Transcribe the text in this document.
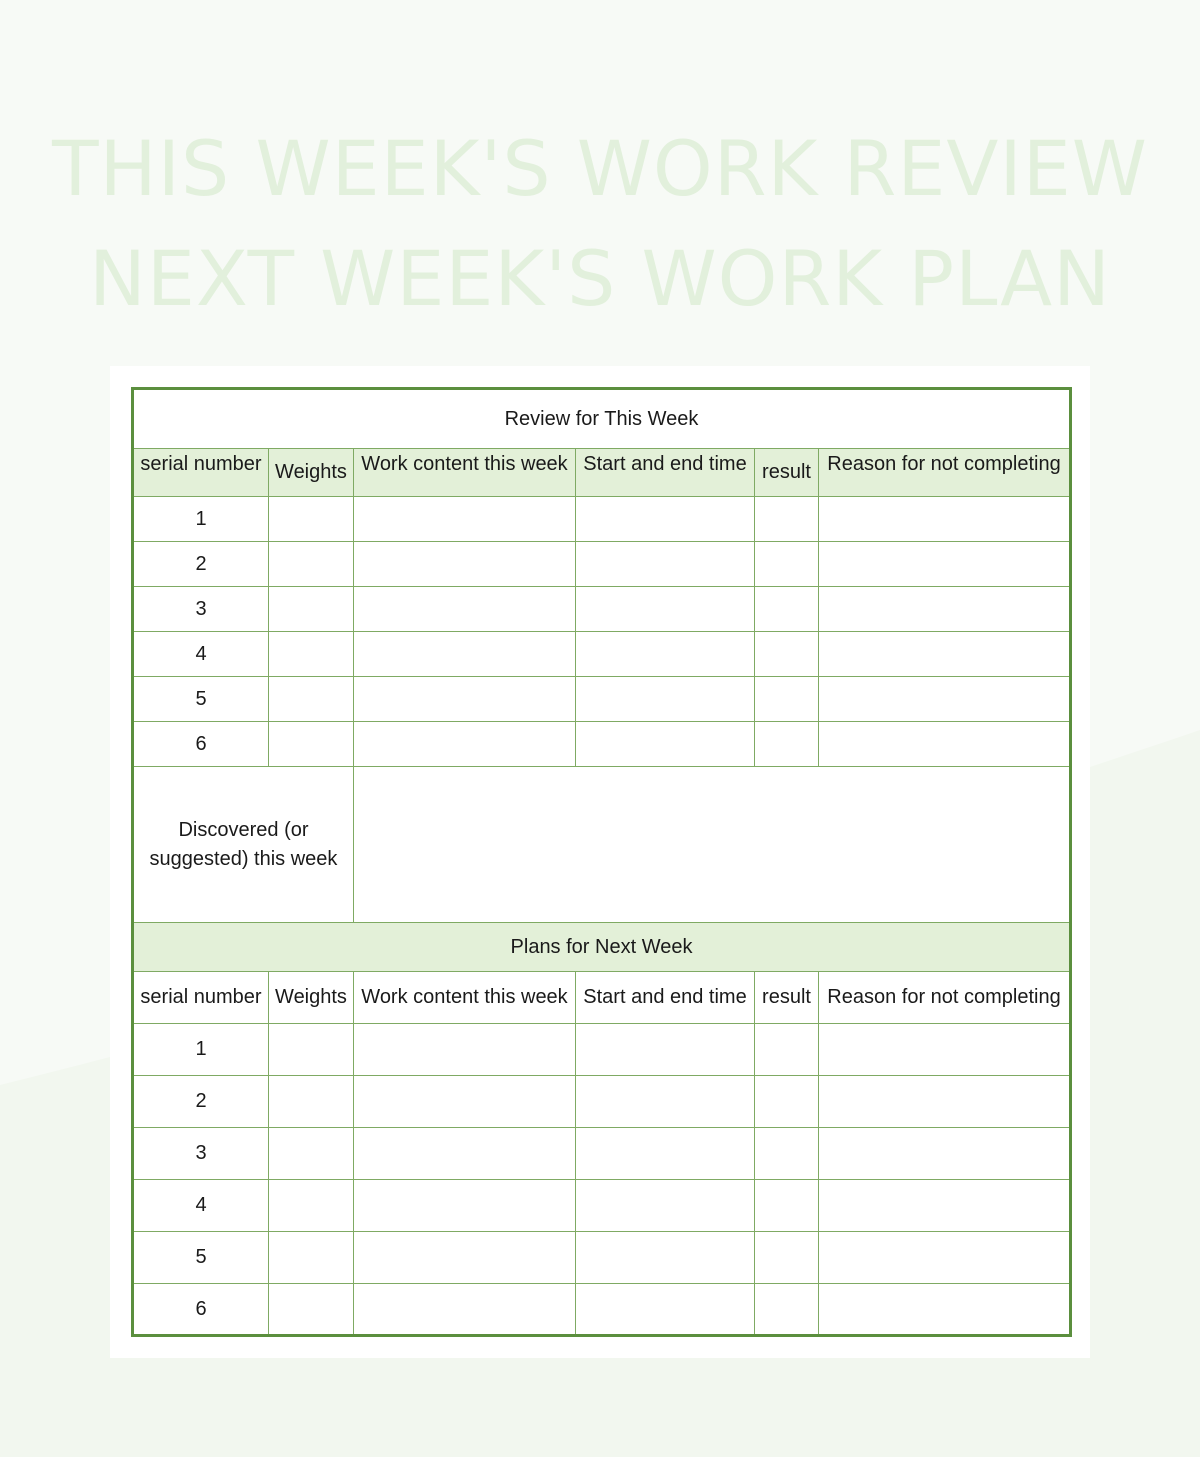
THIS WEEK'S WORK REVIEW
NEXT WEEK'S WORK PLAN
Review for This Week					

serial number	Weights	Work content this week	Start and end time	result	Reason for not completing

1					
2					
3					
4					
5					
6					
Discovered (or suggested) this week					
Plans for Next Week					
serial number	Weights	Work content this week	Start and end time	result	Reason for not completing
1					
2					
3					
4					
5					
6					
